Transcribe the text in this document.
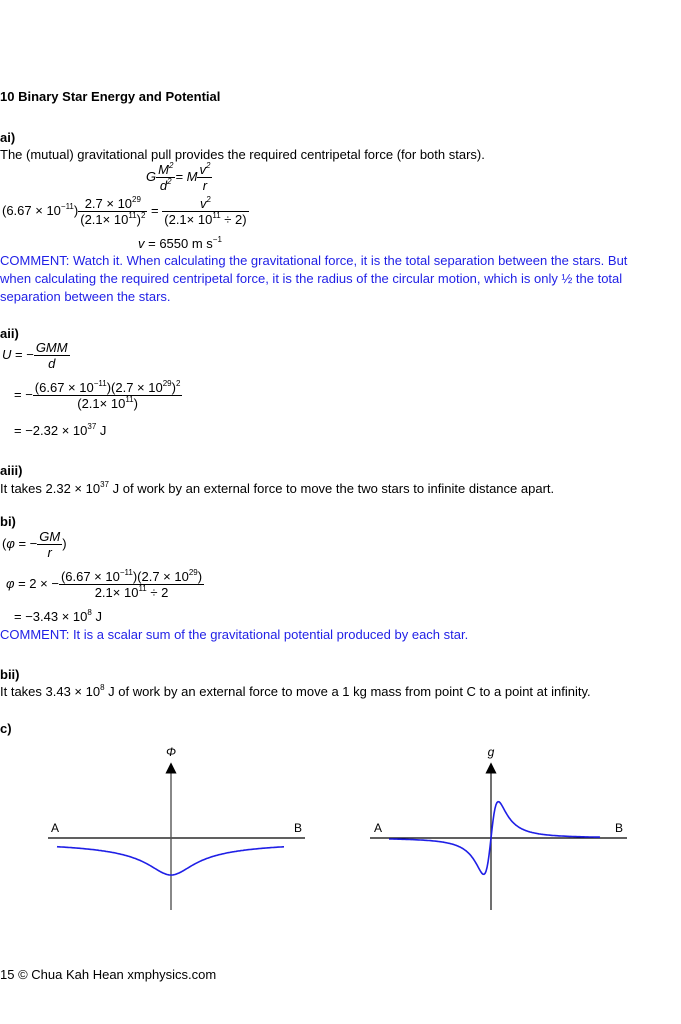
10 Binary Star Energy and Potential
ai)
The (mutual) gravitational pull provides the required centripetal force (for both stars).
G $\frac{M^2}{d^2} = M \frac{v^2}{r}$
$(6.67 \times 10^{-11}) \frac{2.7 \times 10^{29}}{(2.1\times 10^{11})^2} = \frac{v^2}{(2.1\times 10^{11} \div 2)}$
v = 6550 m $s^{-1}$
COMMENT: Watch it. When calculating the gravitational force, it is the total separation between the stars. But when calculating the required centripetal force, it is the radius of the circular motion, which is only ½ the total separation between the stars.
aii)
U = − $\frac{\text{GMM}}{d}$
= − $\frac{(6.67 \times 10^{-11})(2.7 \times 10^{29})^2}{(2.1\times 10^{11})}$
= $-2.32 \times 10^{37}$ J
aiii)
It takes $2.32 \times 10^{37}$ J of work by an external force to move the two stars to infinite distance apart.
bi)
(φ = − $\frac{GM}{r}$ )
φ = 2 × − $\frac{(6.67 \times 10^{-11})(2.7 \times 10^{29})}{2.1\times 10^{11} \div 2}$
= $-3.43 \times 10^8$ J
COMMENT: It is a scalar sum of the gravitational potential produced by each star.
bii)
It takes $3.43 \times 10^8$ J of work by an external force to move a 1 kg mass from point C to a point at infinity.
c)
Φ
A	B
g
A	B
15 © Chua Kah Hean xmphysics.com
